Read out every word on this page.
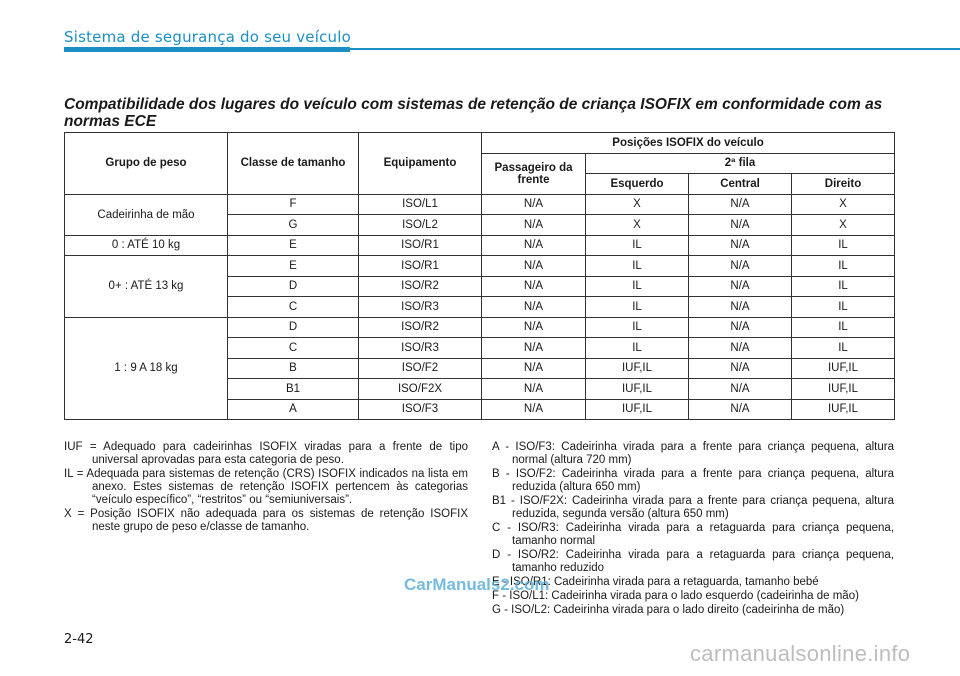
Sistema de segurança do seu veículo
Compatibilidade dos lugares do veículo com sistemas de retenção de criança ISOFIX em conformidade com as normas ECE
Grupo de peso	Classe de tamanho	Equipamento	Posições ISOFIX do veículo			
			Passageiro da frente	2ª fila		
				Esquerdo	Central	Direito
Cadeirinha de mão	F	ISO/L1	N/A	X	N/A	X
	G	ISO/L2	N/A	X	N/A	X
0 : ATÉ 10 kg	E	ISO/R1	N/A	IL	N/A	IL
0+ : ATÉ 13 kg	E	ISO/R1	N/A	IL	N/A	IL
	D	ISO/R2	N/A	IL	N/A	IL
	C	ISO/R3	N/A	IL	N/A	IL
1 : 9 A 18 kg	D	ISO/R2	N/A	IL	N/A	IL
	C	ISO/R3	N/A	IL	N/A	IL
	B	ISO/F2	N/A	IUF,IL	N/A	IUF,IL
	B1	ISO/F2X	N/A	IUF,IL	N/A	IUF,IL
	A	ISO/F3	N/A	IUF,IL	N/A	IUF,IL

IUF = Adequado para cadeirinhas ISOFIX viradas para a frente de tipo universal aprovadas para esta categoria de peso.

IL = Adequada para sistemas de retenção (CRS) ISOFIX indicados na lista em anexo. Estes sistemas de retenção ISOFIX pertencem às categorias “veículo específico”, “restritos” ou “semiuniversais”.

X = Posição ISOFIX não adequada para os sistemas de retenção ISOFIX neste grupo de peso e/classe de tamanho.

A - ISO/F3: Cadeirinha virada para a frente para criança pequena, altura normal (altura 720 mm)

B - ISO/F2: Cadeirinha virada para a frente para criança pequena, altura reduzida (altura 650 mm)

B1 - ISO/F2X: Cadeirinha virada para a frente para criança pequena, altura reduzida, segunda versão (altura 650 mm)

C - ISO/R3: Cadeirinha virada para a retaguarda para criança pequena, tamanho normal

D - ISO/R2: Cadeirinha virada para a retaguarda para criança pequena, tamanho reduzido

E - ISO/R1: Cadeirinha virada para a retaguarda, tamanho bebé

F - ISO/L1: Cadeirinha virada para o lado esquerdo (cadeirinha de mão)

G - ISO/L2: Cadeirinha virada para o lado direito (cadeirinha de mão)

CarManuals2.com
2-42
carmanualsonline.info
